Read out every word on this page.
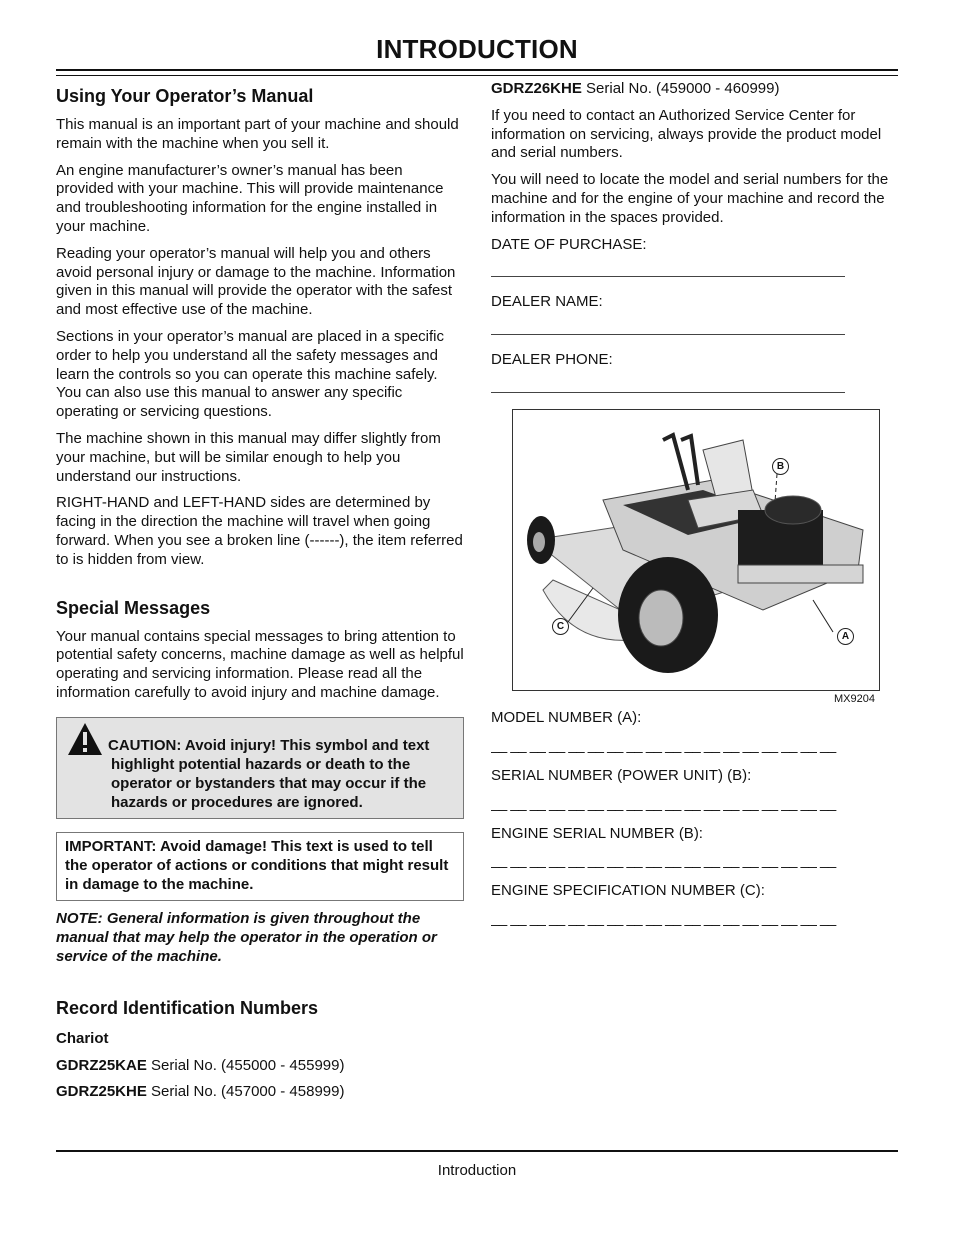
INTRODUCTION
Using Your Operator’s Manual

This manual is an important part of your machine and should remain with the machine when you sell it.

An engine manufacturer’s owner’s manual has been provided with your machine. This will provide maintenance and troubleshooting information for the engine installed in your machine.

Reading your operator’s manual will help you and others avoid personal injury or damage to the machine. Information given in this manual will provide the operator with the safest and most effective use of the machine.

Sections in your operator’s manual are placed in a specific order to help you understand all the safety messages and learn the controls so you can operate this machine safely. You can also use this manual to answer any specific operating or servicing questions.

The machine shown in this manual may differ slightly from your machine, but will be similar enough to help you understand our instructions.

RIGHT-HAND and LEFT-HAND sides are determined by facing in the direction the machine will travel when going forward. When you see a broken line (------), the item referred to is hidden from view.

Special Messages

Your manual contains special messages to bring attention to potential safety concerns, machine damage as well as helpful operating and servicing information. Please read all the information carefully to avoid injury and machine damage.

CAUTION: Avoid injury! This symbol and text highlight potential hazards or death to the operator or bystanders that may occur if the hazards or procedures are ignored.
IMPORTANT: Avoid damage! This text is used to tell the operator of actions or conditions that might result in damage to the machine.
NOTE: General information is given throughout the manual that may help the operator in the operation or service of the machine.
Record Identification Numbers

Chariot

GDRZ25KAE Serial No. (455000 - 455999)

GDRZ25KHE Serial No. (457000 - 458999)

GDRZ26KHE Serial No. (459000 - 460999)

If you need to contact an Authorized Service Center for information on servicing, always provide the product model and serial numbers.

You will need to locate the model and serial numbers for the machine and for the engine of your machine and record the information in the spaces provided.

DATE OF PURCHASE:

DEALER NAME:

DEALER PHONE:

B
A
C
MX9204

MODEL NUMBER (A):

__ __ __ __ __ __ __ __ __ __ __ __ __ __ __ __ __ __

SERIAL NUMBER (POWER UNIT) (B):

__ __ __ __ __ __ __ __ __ __ __ __ __ __ __ __ __ __

ENGINE SERIAL NUMBER (B):

__ __ __ __ __ __ __ __ __ __ __ __ __ __ __ __ __ __

ENGINE SPECIFICATION NUMBER (C):

__ __ __ __ __ __ __ __ __ __ __ __ __ __ __ __ __ __
Introduction
